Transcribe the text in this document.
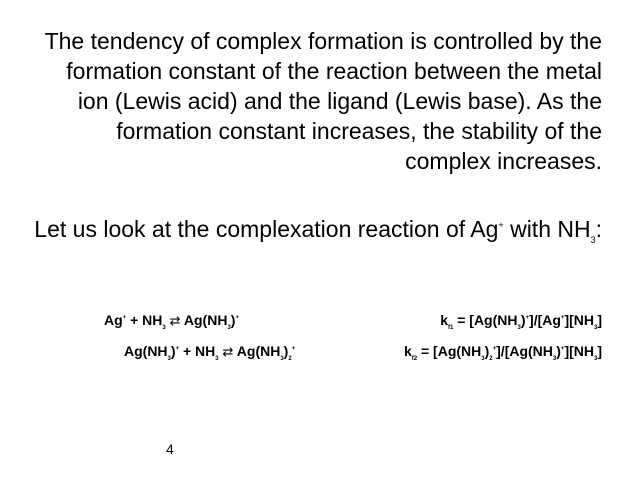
The tendency of complex formation is controlled by the formation constant of the reaction between the metal ion (Lewis acid) and the ligand (Lewis base). As the formation constant increases, the stability of the complex increases.

Let us look at the complexation reaction of Ag+ with $NH_3$:

$Ag^+ + NH_3$ ⇄ $Ag(NH_3)^+$	$k_{f1} = [Ag(NH_3)^+]/[Ag^+][NH_3]$
$Ag(NH_3)^+ + NH_3$ ⇄ $Ag(NH_3)_2^+$	$k_{f2} = [Ag(NH_3)_2^+]/[Ag(NH_3)^+][NH_3]$
4
